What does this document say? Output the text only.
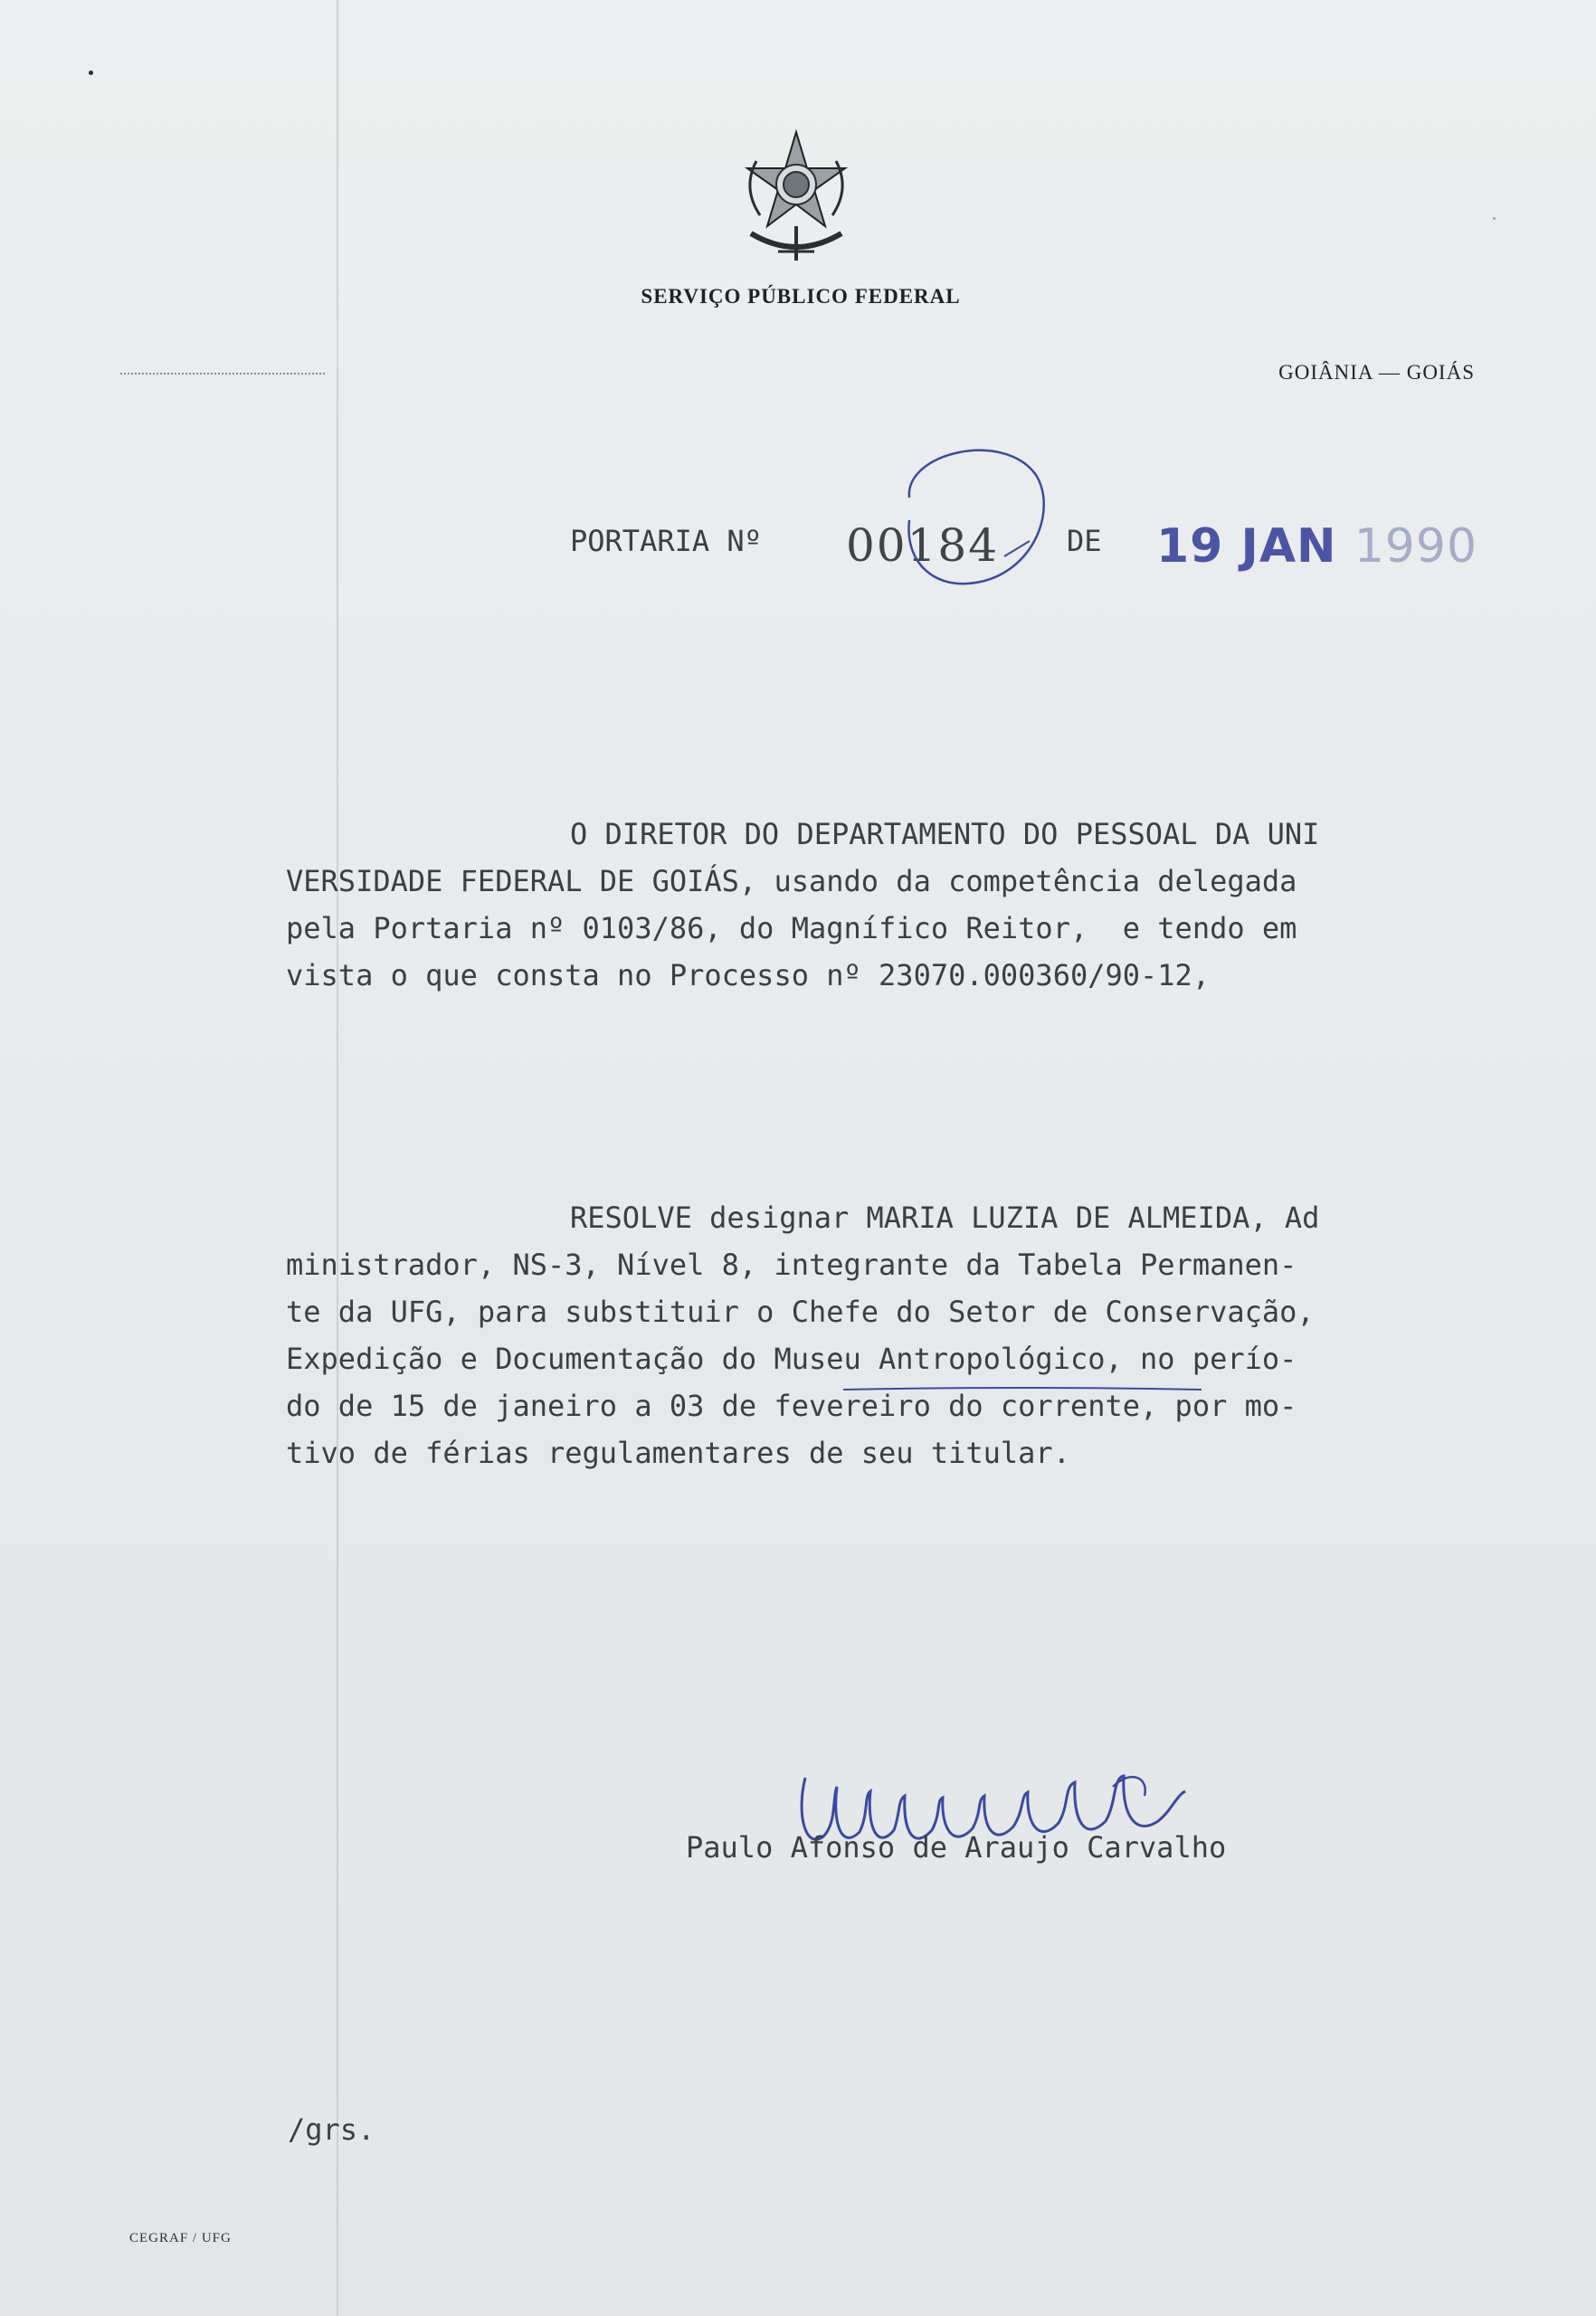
SERVIÇO PÚBLICO FEDERAL
GOIÂNIA — GOIÁS
PORTARIA Nº 00184 DE 19 JAN 1990
O DIRETOR DO DEPARTAMENTO DO PESSOAL DA UNI
VERSIDADE FEDERAL DE GOIÁS, usando da competência delegada
pela Portaria nº 0103/86, do Magnífico Reitor,  e tendo em
vista o que consta no Processo nº 23070.000360/90-12,
RESOLVE designar MARIA LUZIA DE ALMEIDA, Ad
ministrador, NS-3, Nível 8, integrante da Tabela Permanen-
te da UFG, para substituir o Chefe do Setor de Conservação,
Expedição e Documentação do Museu Antropológico, no perío-
do de 15 de janeiro a 03 de fevereiro do corrente, por mo-
tivo de férias regulamentares de seu titular.
Paulo Afonso de Araujo Carvalho
/grs.
CEGRAF / UFG
